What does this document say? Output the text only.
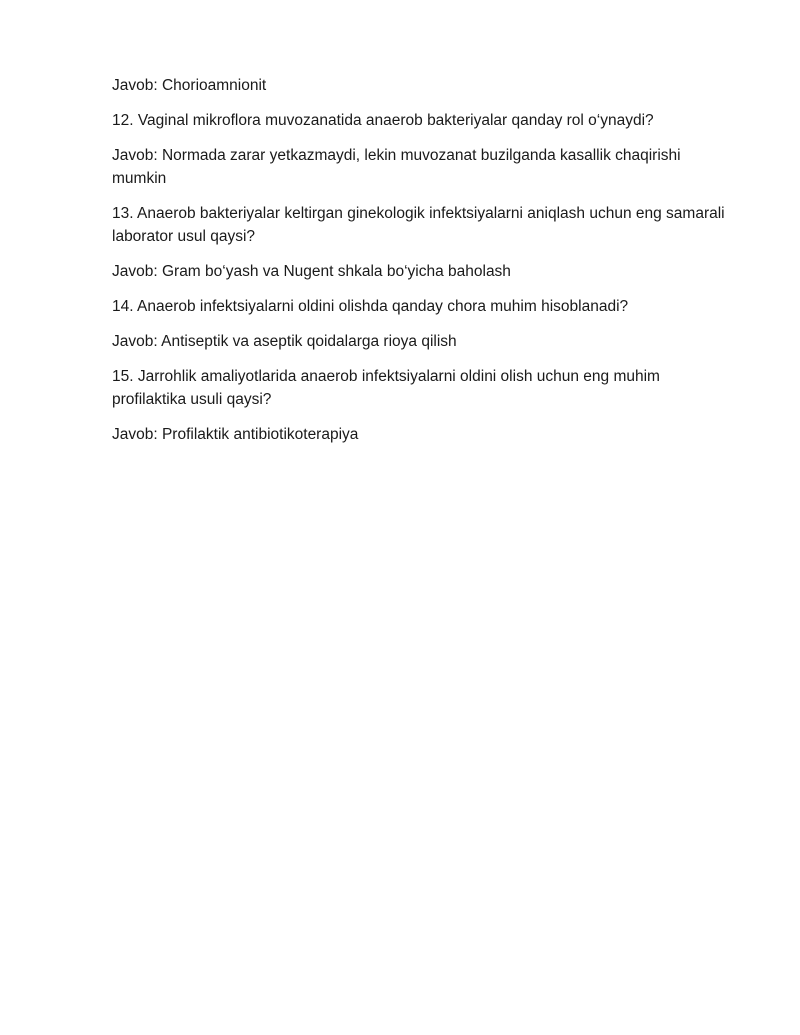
Javob: Chorioamnionit

12. Vaginal mikroflora muvozanatida anaerob bakteriyalar qanday rol o‘ynaydi?

Javob: Normada zarar yetkazmaydi, lekin muvozanat buzilganda kasallik chaqirishi mumkin

13. Anaerob bakteriyalar keltirgan ginekologik infektsiyalarni aniqlash uchun eng samarali laborator usul qaysi?

Javob: Gram bo‘yash va Nugent shkala bo‘yicha baholash

14. Anaerob infektsiyalarni oldini olishda qanday chora muhim hisoblanadi?

Javob: Antiseptik va aseptik qoidalarga rioya qilish

15. Jarrohlik amaliyotlarida anaerob infektsiyalarni oldini olish uchun eng muhim profilaktika usuli qaysi?

Javob: Profilaktik antibiotikoterapiya
